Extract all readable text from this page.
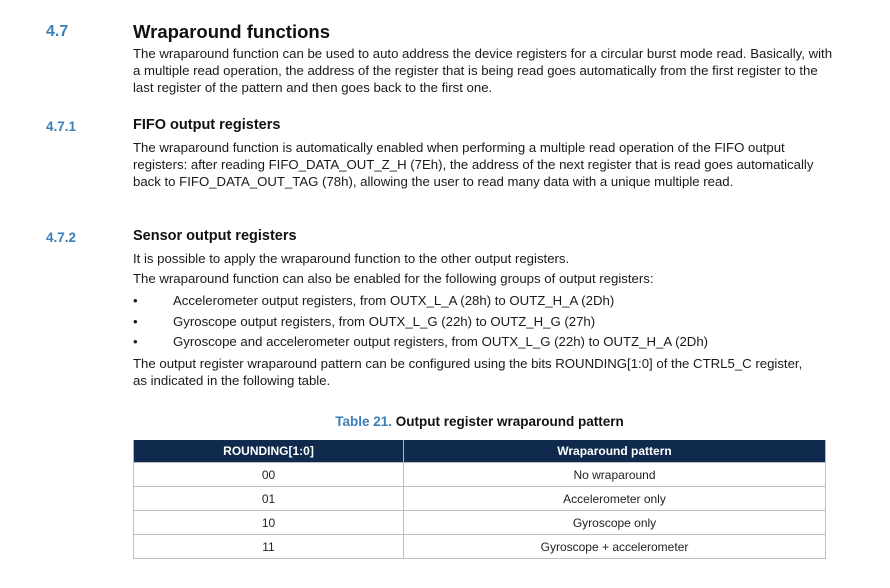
4.7	Wraparound functions

The wraparound function can be used to auto address the device registers for a circular burst mode read. Basically, with a multiple read operation, the address of the register that is being read goes automatically from the first register to the last register of the pattern and then goes back to the first one.

4.7.1	FIFO output registers

The wraparound function is automatically enabled when performing a multiple read operation of the FIFO output registers: after reading FIFO_DATA_OUT_Z_H (7Eh), the address of the next register that is read goes automatically back to FIFO_DATA_OUT_TAG (78h), allowing the user to read many data with a unique multiple read.

4.7.2	Sensor output registers

It is possible to apply the wraparound function to the other output registers.

The wraparound function can also be enabled for the following groups of output registers:

•	Accelerometer output registers, from OUTX_L_A (28h) to OUTZ_H_A (2Dh)
•	Gyroscope output registers, from OUTX_L_G (22h) to OUTZ_H_G (27h)
•	Gyroscope and accelerometer output registers, from OUTX_L_G (22h) to OUTZ_H_A (2Dh)

The output register wraparound pattern can be configured using the bits ROUNDING[1:0] of the CTRL5_C register, as indicated in the following table.

Table 21. Output register wraparound pattern
ROUNDING[1:0]	Wraparound pattern
00	No wraparound
01	Accelerometer only
10	Gyroscope only
11	Gyroscope + accelerometer
